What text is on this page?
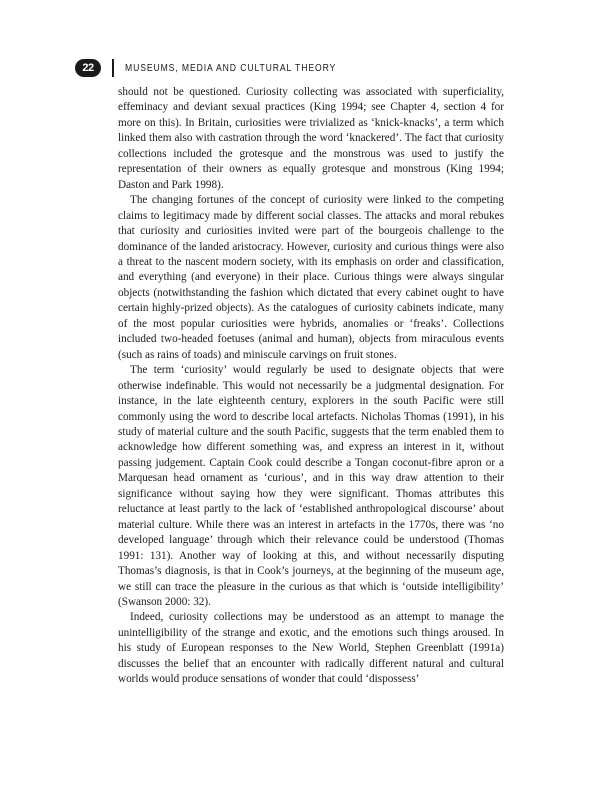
22	MUSEUMS, MEDIA AND CULTURAL THEORY

should not be questioned. Curiosity collecting was associated with superficiality, effeminacy and deviant sexual practices (King 1994; see Chapter 4, section 4 for more on this). In Britain, curiosities were trivialized as ‘knick-knacks’, a term which linked them also with castration through the word ‘knackered’. The fact that curiosity collections included the grotesque and the monstrous was used to justify the representation of their owners as equally grotesque and monstrous (King 1994; Daston and Park 1998).

The changing fortunes of the concept of curiosity were linked to the competing claims to legitimacy made by different social classes. The attacks and moral rebukes that curiosity and curiosities invited were part of the bourgeois challenge to the dominance of the landed aristocracy. However, curiosity and curious things were also a threat to the nascent modern society, with its emphasis on order and classification, and everything (and everyone) in their place. Curious things were always singular objects (notwithstanding the fashion which dictated that every cabinet ought to have certain highly-prized objects). As the catalogues of curiosity cabinets indicate, many of the most popular curiosities were hybrids, anomalies or ‘freaks’. Collections included two-headed foetuses (animal and human), objects from miraculous events (such as rains of toads) and miniscule carvings on fruit stones.

The term ‘curiosity’ would regularly be used to designate objects that were otherwise indefinable. This would not necessarily be a judgmental designation. For instance, in the late eighteenth century, explorers in the south Pacific were still commonly using the word to describe local artefacts. Nicholas Thomas (1991), in his study of material culture and the south Pacific, suggests that the term enabled them to acknowledge how different something was, and express an interest in it, without passing judgement. Captain Cook could describe a Tongan coconut-fibre apron or a Marquesan head ornament as ‘curious’, and in this way draw attention to their significance without saying how they were significant. Thomas attributes this reluctance at least partly to the lack of ‘established anthropological discourse’ about material culture. While there was an interest in artefacts in the 1770s, there was ‘no developed language’ through which their relevance could be understood (Thomas 1991: 131). Another way of looking at this, and without necessarily disputing Thomas’s diagnosis, is that in Cook’s journeys, at the beginning of the museum age, we still can trace the pleasure in the curious as that which is ‘outside intelligibility’ (Swanson 2000: 32).

Indeed, curiosity collections may be understood as an attempt to manage the unintelligibility of the strange and exotic, and the emotions such things aroused. In his study of European responses to the New World, Stephen Greenblatt (1991a) discusses the belief that an encounter with radically different natural and cultural worlds would produce sensations of wonder that could ‘dispossess’
